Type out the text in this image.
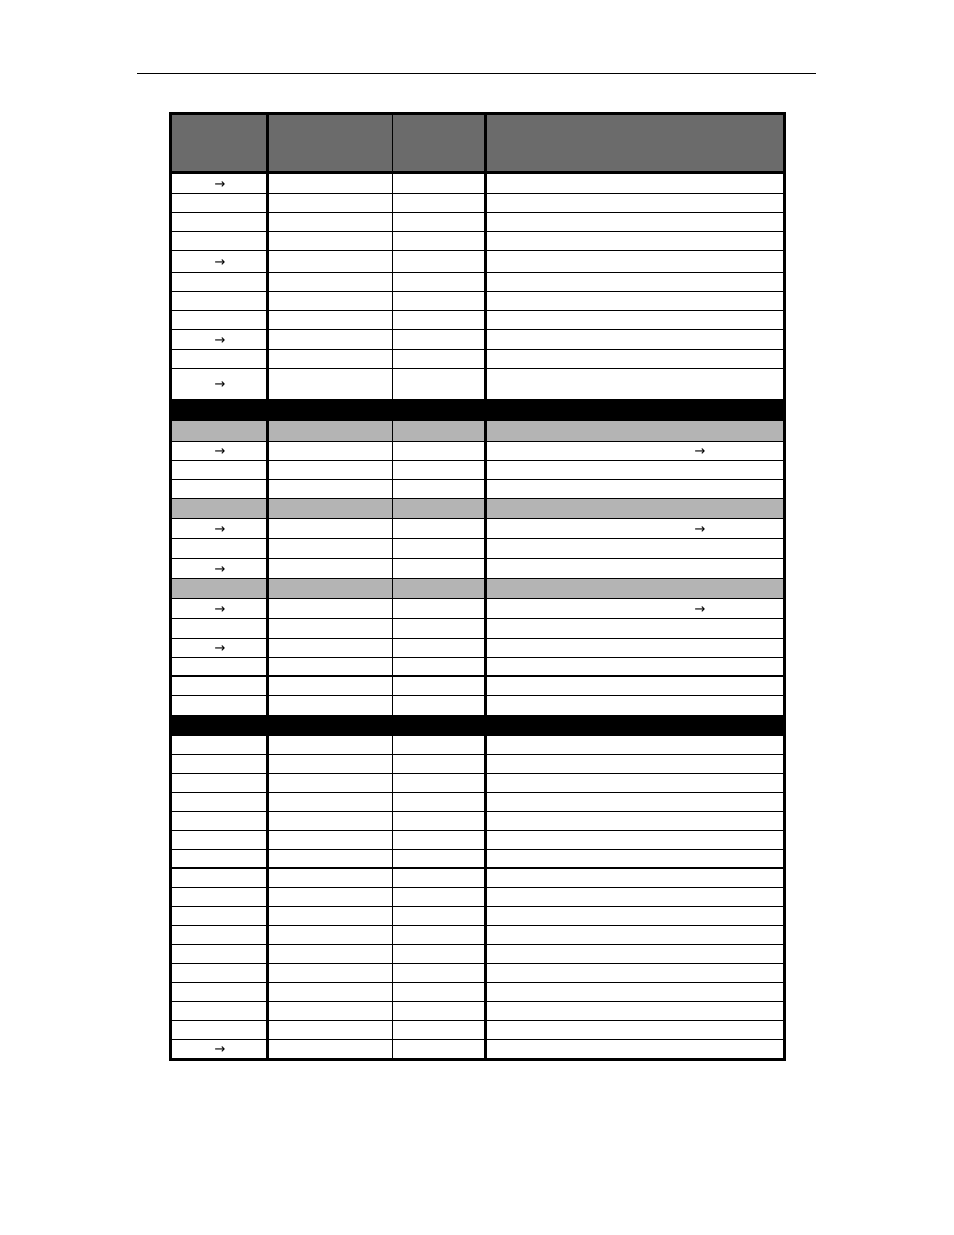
→
→
→
→
→
→
→
→
→
→
→
→
→
